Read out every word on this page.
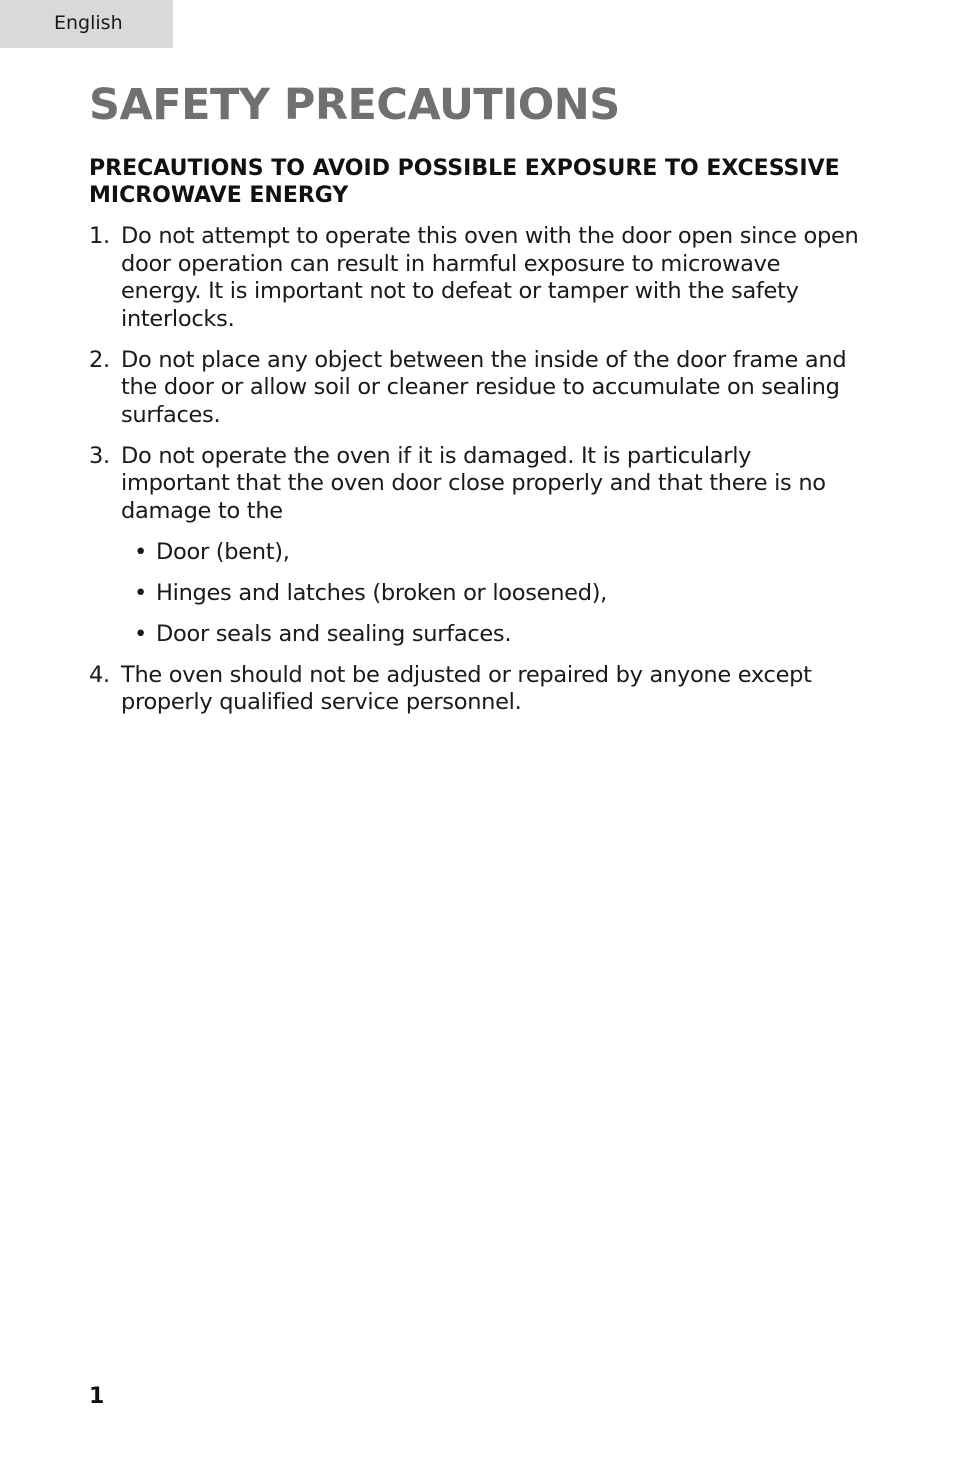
English
SAFETY PRECAUTIONS
PRECAUTIONS TO AVOID POSSIBLE EXPOSURE TO EXCESSIVE MICROWAVE ENERGY
1. Do not attempt to operate this oven with the door open since open door operation can result in harmful exposure to microwave energy. It is important not to defeat or tamper with the safety interlocks.
2. Do not place any object between the inside of the door frame and the door or allow soil or cleaner residue to accumulate on sealing surfaces.
3. Do not operate the oven if it is damaged. It is particularly important that the oven door close properly and that there is no damage to the
• Door (bent),
• Hinges and latches (broken or loosened),
• Door seals and sealing surfaces.
4. The oven should not be adjusted or repaired by anyone except properly qualified service personnel.
1
